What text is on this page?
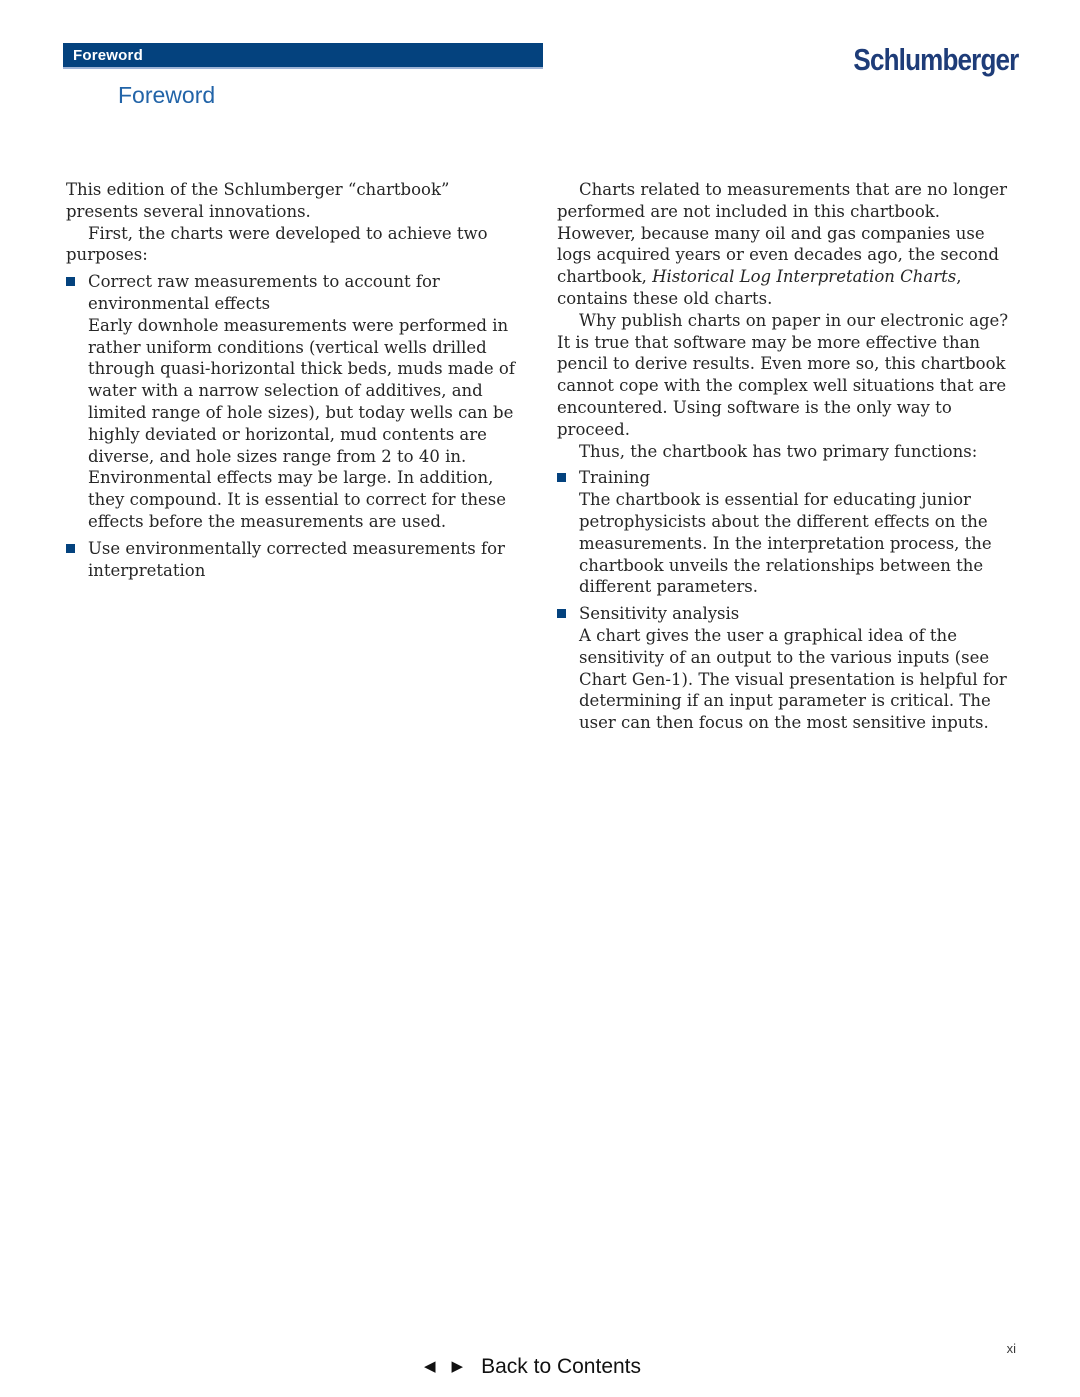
Foreword	Schlumberger
Foreword

This edition of the Schlumberger “chartbook” presents several innovations.

First, the charts were developed to achieve two purposes:

Correct raw measurements to account for environmental effects

Early downhole measurements were performed in rather uniform conditions (vertical wells drilled through quasi-horizontal thick beds, muds made of water with a narrow selection of additives, and limited range of hole sizes), but today wells can be highly deviated or horizontal, mud contents are diverse, and hole sizes range from 2 to 40 in. Environmental effects may be large. In addition, they compound. It is essential to correct for these effects before the measurements are used.

Use environmentally corrected measurements for interpretation

Charts related to measurements that are no longer performed are not included in this chartbook. However, because many oil and gas companies use logs acquired years or even decades ago, the second chartbook, Historical Log Interpretation Charts, contains these old charts.

Why publish charts on paper in our electronic age? It is true that software may be more effective than pencil to derive results. Even more so, this chartbook cannot cope with the complex well situations that are encountered. Using software is the only way to proceed.

Thus, the chartbook has two primary functions:

Training

The chartbook is essential for educating junior petrophysicists about the different effects on the measurements. In the interpretation process, the chartbook unveils the relationships between the different parameters.

Sensitivity analysis

A chart gives the user a graphical idea of the sensitivity of an output to the various inputs (see Chart Gen-1). The visual presentation is helpful for determining if an input parameter is critical. The user can then focus on the most sensitive inputs.

◀ ▶ Back to Contents
xi
